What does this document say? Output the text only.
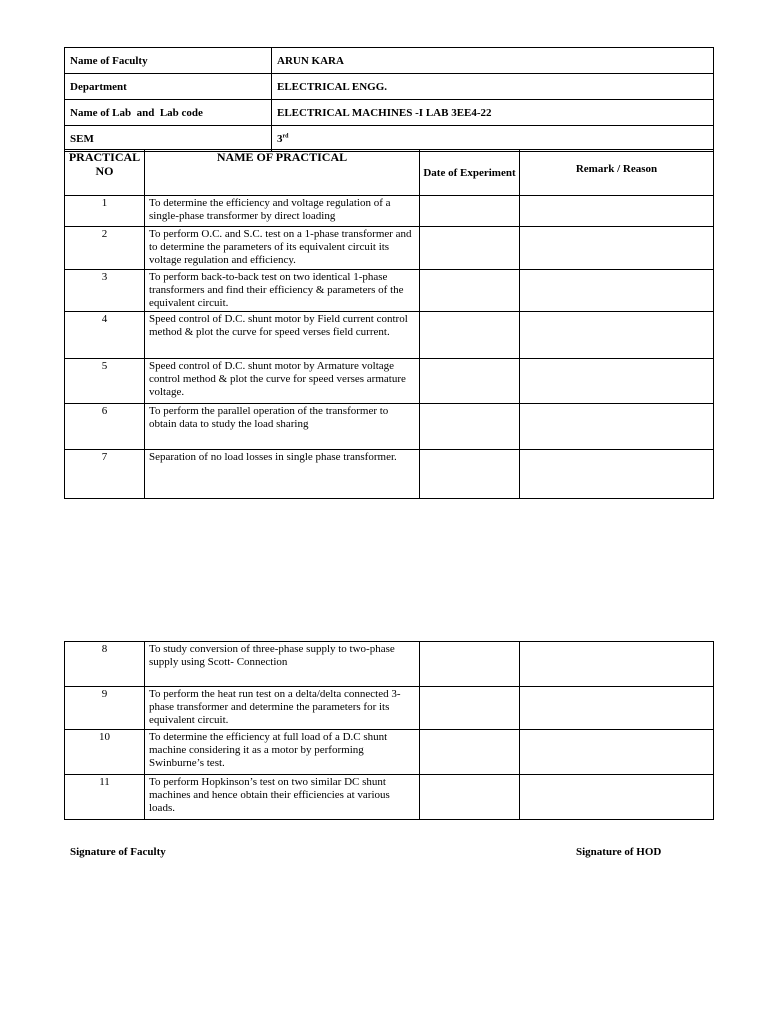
Name of Faculty	ARUN KARA
Department	ELECTRICAL ENGG.
Name of Lab  and  Lab code	ELECTRICAL MACHINES -I LAB 3EE4-22
SEM	3rd
PRACTICAL NO	NAME OF PRACTICAL	Date of Experiment	Remark / Reason
1	To determine the efficiency and voltage regulation of a single-phase transformer by direct loading		
2	To perform O.C. and S.C. test on a 1-phase transformer and to determine the parameters of its equivalent circuit its voltage regulation and efficiency.		
3	To perform back-to-back test on two identical 1-phase transformers and find their efficiency & parameters of the equivalent circuit.		
4	Speed control of D.C. shunt motor by Field current control method & plot the curve for speed verses field current.		
5	Speed control of D.C. shunt motor by Armature voltage control method & plot the curve for speed verses armature voltage.		
6	To perform the parallel operation of the transformer to obtain data to study the load sharing		
7	Separation of no load losses in single phase transformer.		
8	To study conversion of three-phase supply to two-phase supply using Scott- Connection		
9	To perform the heat run test on a delta/delta connected 3-phase transformer and determine the parameters for its equivalent circuit.		
10	To determine the efficiency at full load of a D.C shunt machine considering it as a motor by performing Swinburne’s test.		
11	To perform Hopkinson’s test on two similar DC shunt machines and hence obtain their efficiencies at various loads.		
Signature of Faculty	Signature of HOD
